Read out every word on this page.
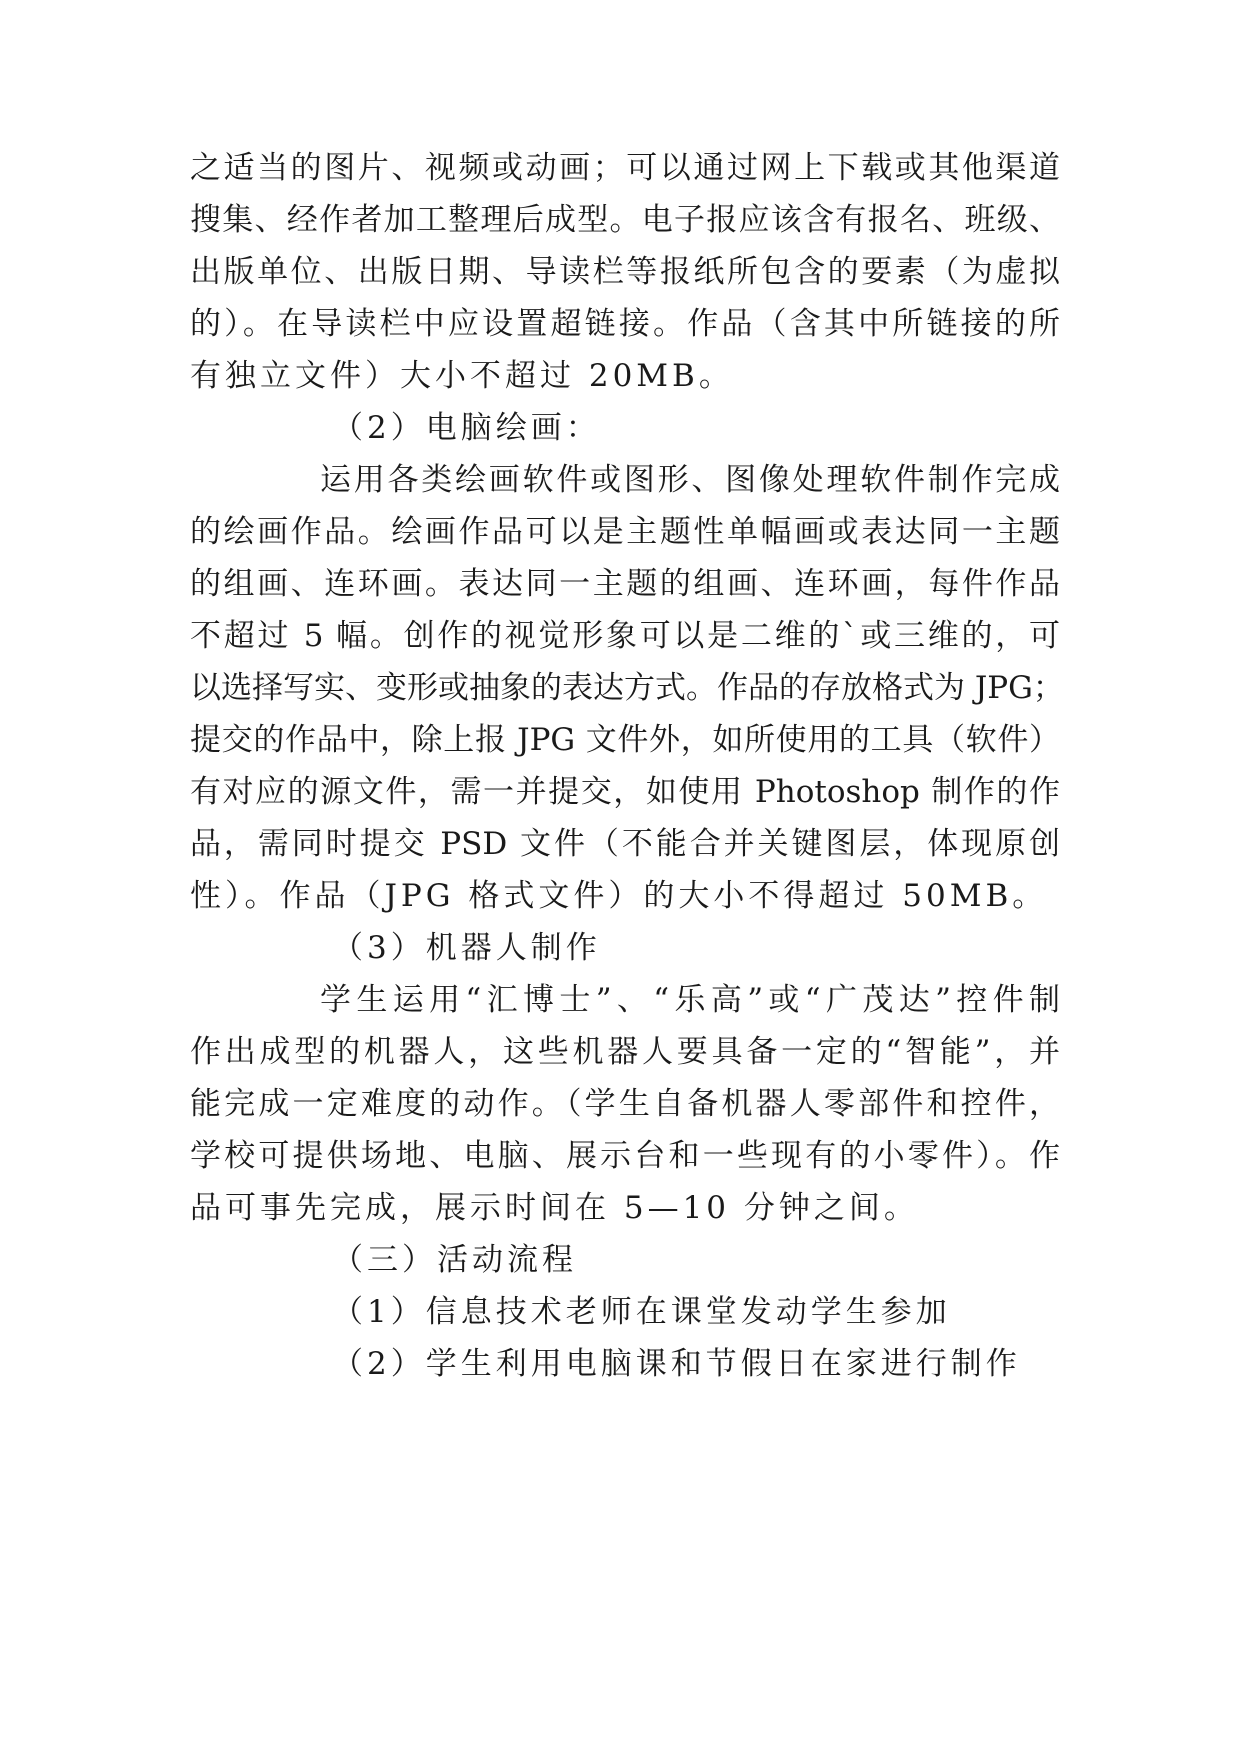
之适当的图片、视频或动画；可以通过网上下载或其他渠道

搜集、经作者加工整理后成型。电子报应该含有报名、班级、

出版单位、出版日期、导读栏等报纸所包含的要素（为虚拟

的）。在导读栏中应设置超链接。作品（含其中所链接的所

有独立文件）大小不超过 20MB。

（2）电脑绘画：

运用各类绘画软件或图形、图像处理软件制作完成

的绘画作品。绘画作品可以是主题性单幅画或表达同一主题

的组画、连环画。表达同一主题的组画、连环画，每件作品

不超过 5 幅。创作的视觉形象可以是二维的`或三维的，可

以选择写实、变形或抽象的表达方式。作品的存放格式为 JPG；

提交的作品中，除上报 JPG 文件外，如所使用的工具（软件）

有对应的源文件，需一并提交，如使用 Photoshop 制作的作

品，需同时提交 PSD 文件（不能合并关键图层，体现原创

性）。作品（JPG 格式文件）的大小不得超过 50MB。

（3）机器人制作

学生运用“汇博士”、“乐高”或“广茂达”控件制

作出成型的机器人，这些机器人要具备一定的“智能”，并

能完成一定难度的动作。（学生自备机器人零部件和控件，

学校可提供场地、电脑、展示台和一些现有的小零件）。作

品可事先完成，展示时间在 5—10 分钟之间。

（三）活动流程

（1）信息技术老师在课堂发动学生参加

（2）学生利用电脑课和节假日在家进行制作
